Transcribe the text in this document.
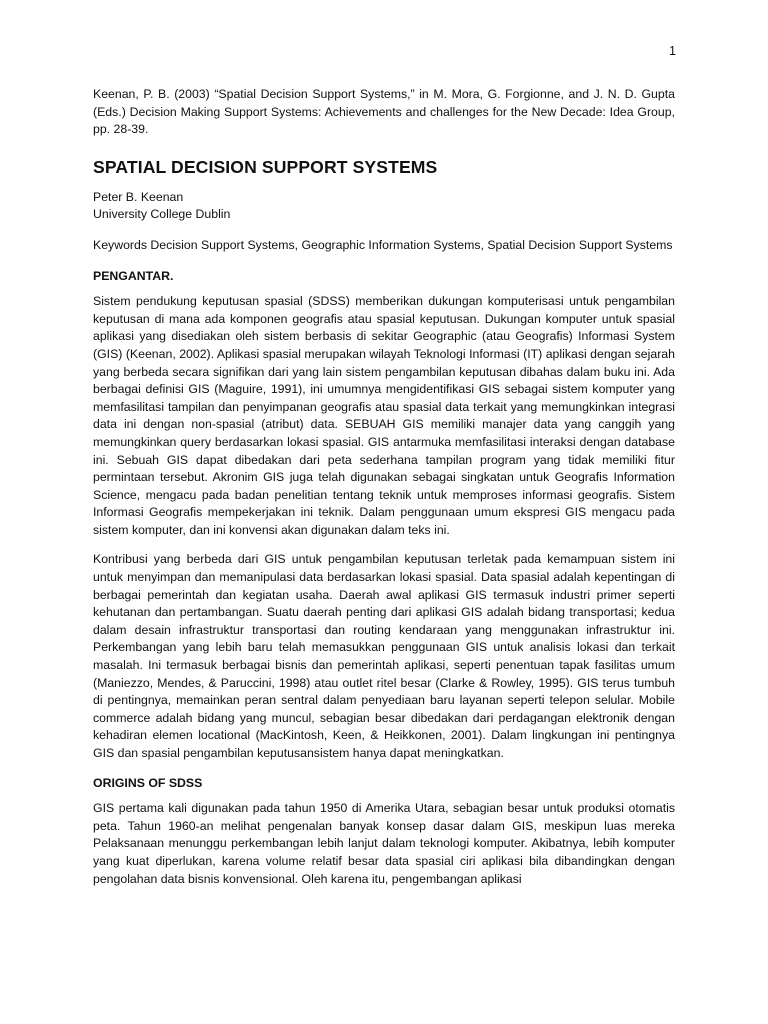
1

Keenan, P. B. (2003) “Spatial Decision Support Systems,” in M. Mora, G. Forgionne, and J. N. D. Gupta (Eds.) Decision Making Support Systems: Achievements and challenges for the New Decade: Idea Group, pp. 28-39.

SPATIAL DECISION SUPPORT SYSTEMS

Peter B. Keenan

University College Dublin

Keywords Decision Support Systems, Geographic Information Systems, Spatial Decision Support Systems

PENGANTAR.

Sistem pendukung keputusan spasial (SDSS) memberikan dukungan komputerisasi untuk pengambilan keputusan di mana ada komponen geografis atau spasial keputusan. Dukungan komputer untuk spasial aplikasi yang disediakan oleh sistem berbasis di sekitar Geographic (atau Geografis) Informasi System (GIS) (Keenan, 2002). Aplikasi spasial merupakan wilayah Teknologi Informasi (IT) aplikasi dengan sejarah yang berbeda secara signifikan dari yang lain sistem pengambilan keputusan dibahas dalam buku ini. Ada berbagai definisi GIS (Maguire, 1991), ini umumnya mengidentifikasi GIS sebagai sistem komputer yang memfasilitasi tampilan dan penyimpanan geografis atau spasial data terkait yang memungkinkan integrasi data ini dengan non-spasial (atribut) data. SEBUAH GIS memiliki manajer data yang canggih yang memungkinkan query berdasarkan lokasi spasial. GIS antarmuka memfasilitasi interaksi dengan database ini. Sebuah GIS dapat dibedakan dari peta sederhana tampilan program yang tidak memiliki fitur permintaan tersebut. Akronim GIS juga telah digunakan sebagai singkatan untuk Geografis Information Science, mengacu pada badan penelitian tentang teknik untuk memproses informasi geografis. Sistem Informasi Geografis mempekerjakan ini teknik. Dalam penggunaan umum ekspresi GIS mengacu pada sistem komputer, dan ini konvensi akan digunakan dalam teks ini.

Kontribusi yang berbeda dari GIS untuk pengambilan keputusan terletak pada kemampuan sistem ini untuk menyimpan dan memanipulasi data berdasarkan lokasi spasial. Data spasial adalah kepentingan di berbagai pemerintah dan kegiatan usaha. Daerah awal aplikasi GIS termasuk industri primer seperti kehutanan dan pertambangan. Suatu daerah penting dari aplikasi GIS adalah bidang transportasi; kedua dalam desain infrastruktur transportasi dan routing kendaraan yang menggunakan infrastruktur ini. Perkembangan yang lebih baru telah memasukkan penggunaan GIS untuk analisis lokasi dan terkait masalah. Ini termasuk berbagai bisnis dan pemerintah aplikasi, seperti penentuan tapak fasilitas umum (Maniezzo, Mendes, & Paruccini, 1998) atau outlet ritel besar (Clarke & Rowley, 1995). GIS terus tumbuh di pentingnya, memainkan peran sentral dalam penyediaan baru layanan seperti telepon selular. Mobile commerce adalah bidang yang muncul, sebagian besar dibedakan dari perdagangan elektronik dengan kehadiran elemen locational (MacKintosh, Keen, & Heikkonen, 2001). Dalam lingkungan ini pentingnya GIS dan spasial pengambilan keputusansistem hanya dapat meningkatkan.

ORIGINS OF SDSS

GIS pertama kali digunakan pada tahun 1950 di Amerika Utara, sebagian besar untuk produksi otomatis peta. Tahun 1960-an melihat pengenalan banyak konsep dasar dalam GIS, meskipun luas mereka Pelaksanaan menunggu perkembangan lebih lanjut dalam teknologi komputer. Akibatnya, lebih komputer yang kuat diperlukan, karena volume relatif besar data spasial ciri aplikasi bila dibandingkan dengan pengolahan data bisnis konvensional. Oleh karena itu, pengembangan aplikasi
